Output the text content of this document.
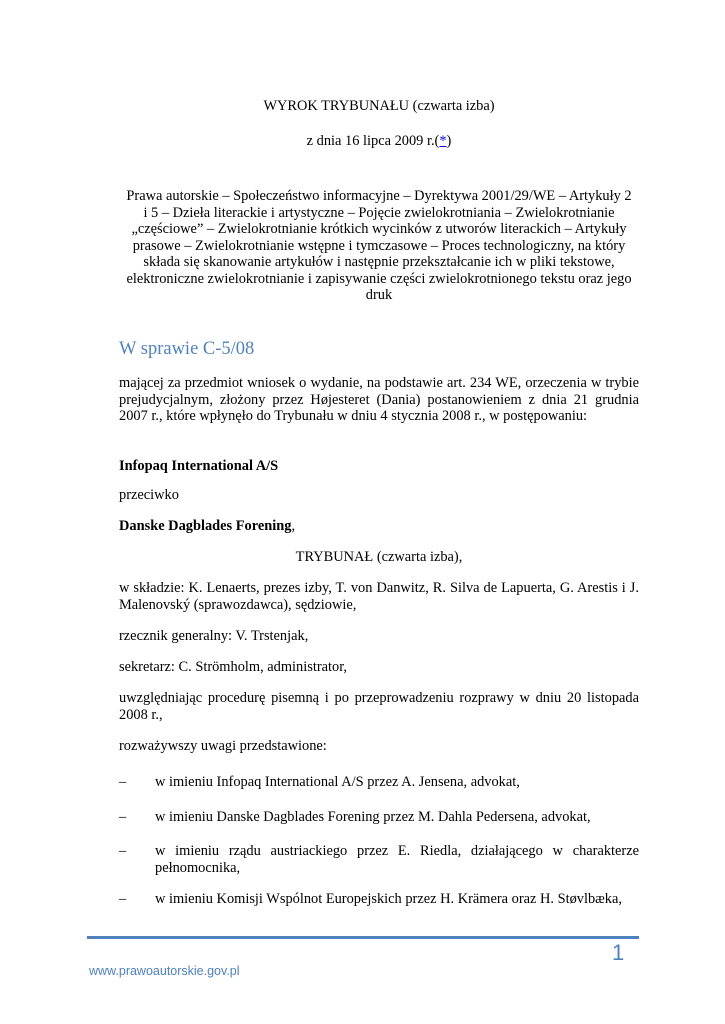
WYROK TRYBUNAŁU (czwarta izba)

z dnia 16 lipca 2009 r.(*)

Prawa autorskie – Społeczeństwo informacyjne – Dyrektywa 2001/29/WE – Artykuły 2
i 5 – Dzieła literackie i artystyczne – Pojęcie zwielokrotniania – Zwielokrotnianie
„częściowe” – Zwielokrotnianie krótkich wycinków z utworów literackich – Artykuły
prasowe – Zwielokrotnianie wstępne i tymczasowe – Proces technologiczny, na który
składa się skanowanie artykułów i następnie przekształcanie ich w pliki tekstowe,
elektroniczne zwielokrotnianie i zapisywanie części zwielokrotnionego tekstu oraz jego
druk
W sprawie C-5/08

mającej za przedmiot wniosek o wydanie, na podstawie art. 234 WE, orzeczenia w trybie prejudycjalnym, złożony przez Højesteret (Dania) postanowieniem z dnia 21 grudnia 2007 r., które wpłynęło do Trybunału w dniu 4 stycznia 2008 r., w postępowaniu:

Infopaq International A/S

przeciwko

Danske Dagblades Forening,

TRYBUNAŁ (czwarta izba),

w składzie: K. Lenaerts, prezes izby, T. von Danwitz, R. Silva de Lapuerta, G. Arestis i J. Malenovský (sprawozdawca), sędziowie,

rzecznik generalny: V. Trstenjak,

sekretarz: C. Strömholm, administrator,

uwzględniając procedurę pisemną i po przeprowadzeniu rozprawy w dniu 20 listopada 2008 r.,

rozważywszy uwagi przedstawione:

– w imieniu Infopaq International A/S przez A. Jensena, advokat,

– w imieniu Danske Dagblades Forening przez M. Dahla Pedersena, advokat,

– w imieniu rządu austriackiego przez E. Riedla, działającego w charakterze pełnomocnika,

– w imieniu Komisji Wspólnot Europejskich przez H. Krämera oraz H. Støvlbæka,

www.prawoautorskie.gov.pl
1
